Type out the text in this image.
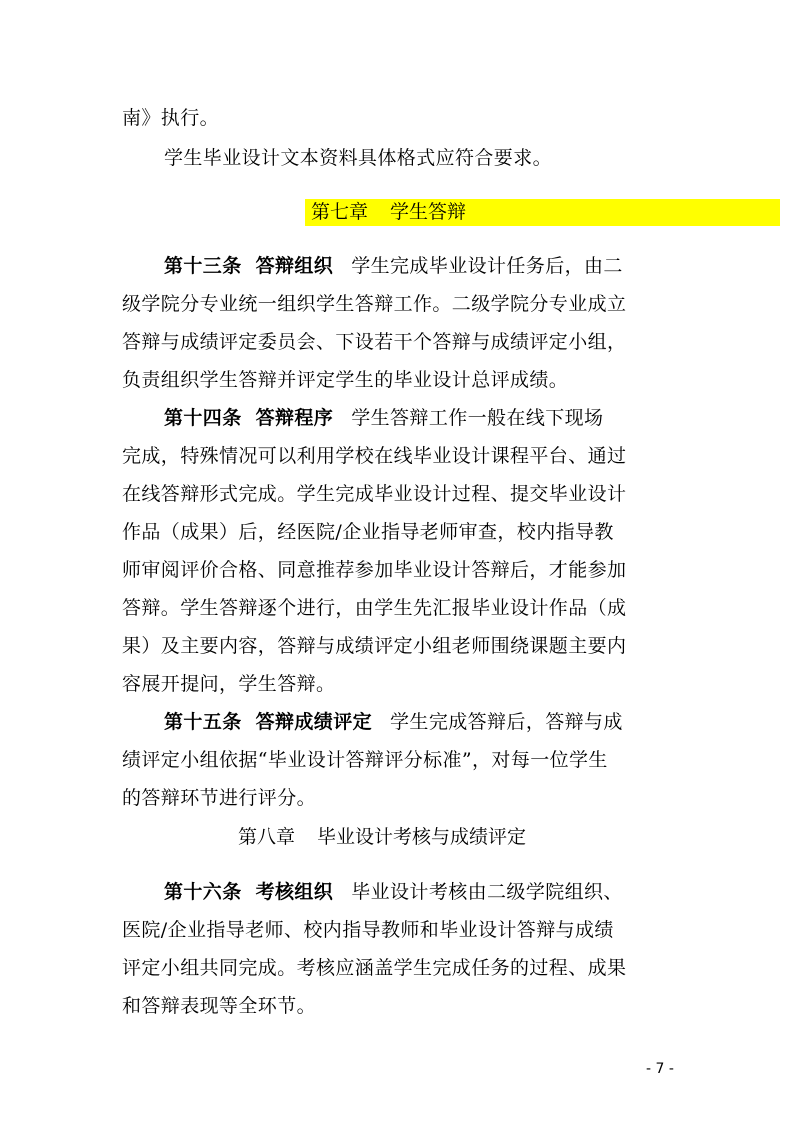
南》执行。
学生毕业设计文本资料具体格式应符合要求。
第七章 学生答辩
第十三条 答辩组织 学生完成毕业设计任务后，由二
级学院分专业统一组织学生答辩工作。二级学院分专业成立
答辩与成绩评定委员会、下设若干个答辩与成绩评定小组，
负责组织学生答辩并评定学生的毕业设计总评成绩。
第十四条 答辩程序 学生答辩工作一般在线下现场
完成，特殊情况可以利用学校在线毕业设计课程平台、通过
在线答辩形式完成。学生完成毕业设计过程、提交毕业设计
作品（成果）后，经医院/企业指导老师审查，校内指导教
师审阅评价合格、同意推荐参加毕业设计答辩后，才能参加
答辩。学生答辩逐个进行，由学生先汇报毕业设计作品（成
果）及主要内容，答辩与成绩评定小组老师围绕课题主要内
容展开提问，学生答辩。
第十五条 答辩成绩评定 学生完成答辩后，答辩与成
绩评定小组依据“毕业设计答辩评分标准”，对每一位学生
的答辩环节进行评分。
第八章 毕业设计考核与成绩评定
第十六条 考核组织 毕业设计考核由二级学院组织、
医院/企业指导老师、校内指导教师和毕业设计答辩与成绩
评定小组共同完成。考核应涵盖学生完成任务的过程、成果
和答辩表现等全环节。
- 7 -
